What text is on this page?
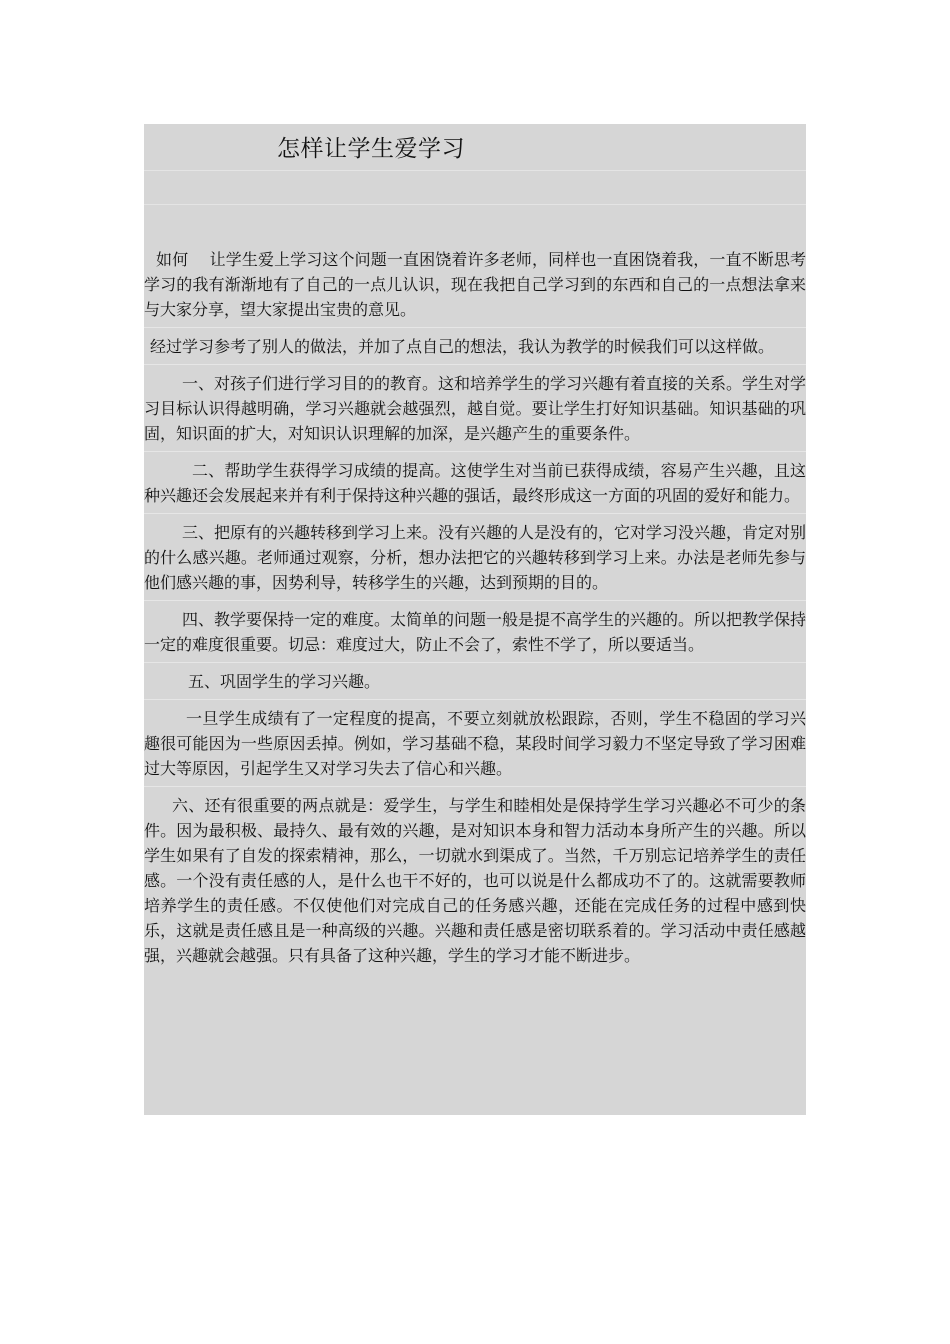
怎样让学生爱学习

如何　 让学生爱上学习这个问题一直困饶着许多老师，同样也一直困饶着我，一直不断思考学习的我有渐渐地有了自己的一点儿认识，现在我把自己学习到的东西和自己的一点想法拿来与大家分享，望大家提出宝贵的意见。

经过学习参考了别人的做法，并加了点自己的想法，我认为教学的时候我们可以这样做。

一、对孩子们进行学习目的的教育。这和培养学生的学习兴趣有着直接的关系。学生对学习目标认识得越明确，学习兴趣就会越强烈，越自觉。要让学生打好知识基础。知识基础的巩固，知识面的扩大，对知识认识理解的加深，是兴趣产生的重要条件。

二、帮助学生获得学习成绩的提高。这使学生对当前已获得成绩，容易产生兴趣，且这种兴趣还会发展起来并有利于保持这种兴趣的强话，最终形成这一方面的巩固的爱好和能力。

三、把原有的兴趣转移到学习上来。没有兴趣的人是没有的，它对学习没兴趣，肯定对别的什么感兴趣。老师通过观察，分析，想办法把它的兴趣转移到学习上来。办法是老师先参与他们感兴趣的事，因势利导，转移学生的兴趣，达到预期的目的。

四、教学要保持一定的难度。太简单的问题一般是提不高学生的兴趣的。所以把教学保持一定的难度很重要。切忌：难度过大，防止不会了，索性不学了，所以要适当。

五、巩固学生的学习兴趣。

一旦学生成绩有了一定程度的提高，不要立刻就放松跟踪，否则，学生不稳固的学习兴趣很可能因为一些原因丢掉。例如，学习基础不稳，某段时间学习毅力不坚定导致了学习困难过大等原因，引起学生又对学习失去了信心和兴趣。

六、还有很重要的两点就是：爱学生，与学生和睦相处是保持学生学习兴趣必不可少的条件。因为最积极、最持久、最有效的兴趣，是对知识本身和智力活动本身所产生的兴趣。所以学生如果有了自发的探索精神，那么，一切就水到渠成了。当然，千万别忘记培养学生的责任感。一个没有责任感的人，是什么也干不好的，也可以说是什么都成功不了的。这就需要教师培养学生的责任感。不仅使他们对完成自己的任务感兴趣，还能在完成任务的过程中感到快乐，这就是责任感且是一种高级的兴趣。兴趣和责任感是密切联系着的。学习活动中责任感越强，兴趣就会越强。只有具备了这种兴趣，学生的学习才能不断进步。
